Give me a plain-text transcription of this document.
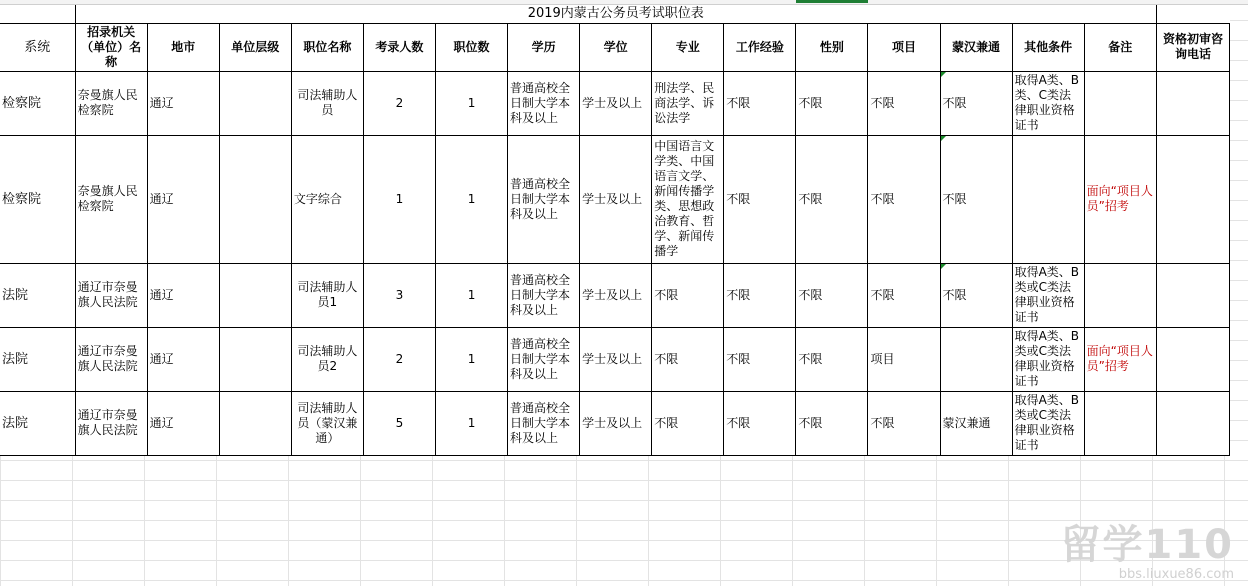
	2019内蒙古公务员考试职位表															
系统	招录机关（单位）名称	地市	单位层级	职位名称	考录人数	职位数	学历	学位	专业	工作经验	性别	项目	蒙汉兼通	其他条件	备注	资格初审咨询电话
检察院	奈曼旗人民检察院	通辽		司法辅助人员	2	1	普通高校全日制大学本科及以上	学士及以上	刑法学、民商法学、诉讼法学	不限	不限	不限	不限	取得A类、B类、C类法律职业资格证书		
检察院	奈曼旗人民检察院	通辽		文字综合	1	1	普通高校全日制大学本科及以上	学士及以上	中国语言文学类、中国语言文学、新闻传播学类、思想政治教育、哲学、新闻传播学	不限	不限	不限	不限		面向“项目人员”招考	
法院	通辽市奈曼旗人民法院	通辽		司法辅助人员1	3	1	普通高校全日制大学本科及以上	学士及以上	不限	不限	不限	不限	不限	取得A类、B类或C类法律职业资格证书		
法院	通辽市奈曼旗人民法院	通辽		司法辅助人员2	2	1	普通高校全日制大学本科及以上	学士及以上	不限	不限	不限	项目		取得A类、B类或C类法律职业资格证书	面向“项目人员”招考	
法院	通辽市奈曼旗人民法院	通辽		司法辅助人员（蒙汉兼通）	5	1	普通高校全日制大学本科及以上	学士及以上	不限	不限	不限	不限	蒙汉兼通	取得A类、B类或C类法律职业资格证书		
留学110
bbs.liuxue86.com
